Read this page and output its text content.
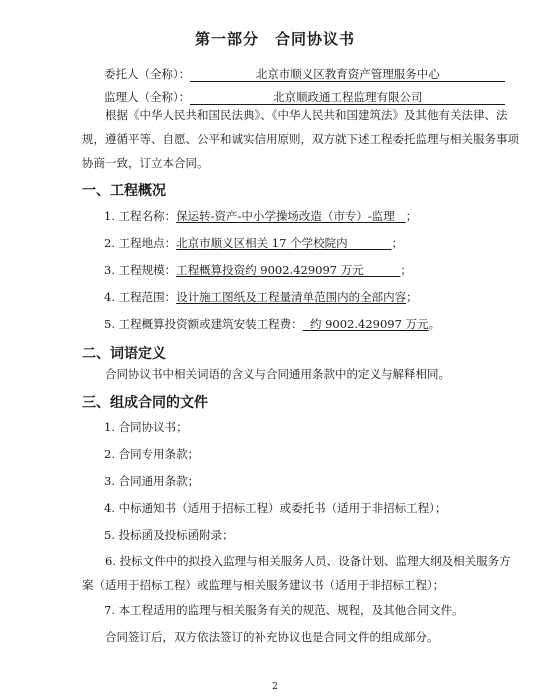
第一部分　合同协议书
委托人（全称）：	北京市顺义区教育资产管理服务中心
监理人（全称）：	北京顺政通工程监理有限公司
根据《中华人民共和国民法典》、《中华人民共和国建筑法》及其他有关法律、法规，遵循平等、自愿、公平和诚实信用原则，双方就下述工程委托监理与相关服务事项协商一致，订立本合同。
一、工程概况
1. 工程名称：保运转-资产-中小学操场改造（市专）-监理 ；
2. 工程地点：北京市顺义区相关 17 个学校院内	；
3. 工程规模：工程概算投资约 9002.429097 万元	；
4. 工程范围：设计施工图纸及工程量清单范围内的全部内容；
5. 工程概算投资额或建筑安装工程费： 约 9002.429097 万元。
二、词语定义
合同协议书中相关词语的含义与合同通用条款中的定义与解释相同。
三、组成合同的文件
1. 合同协议书；
2. 合同专用条款；
3. 合同通用条款；
4. 中标通知书（适用于招标工程）或委托书（适用于非招标工程）；
5. 投标函及投标函附录；
6. 投标文件中的拟投入监理与相关服务人员、设备计划、监理大纲及相关服务方案（适用于招标工程）或监理与相关服务建议书（适用于非招标工程）；
7. 本工程适用的监理与相关服务有关的规范、规程，及其他合同文件。
合同签订后，双方依法签订的补充协议也是合同文件的组成部分。
2
